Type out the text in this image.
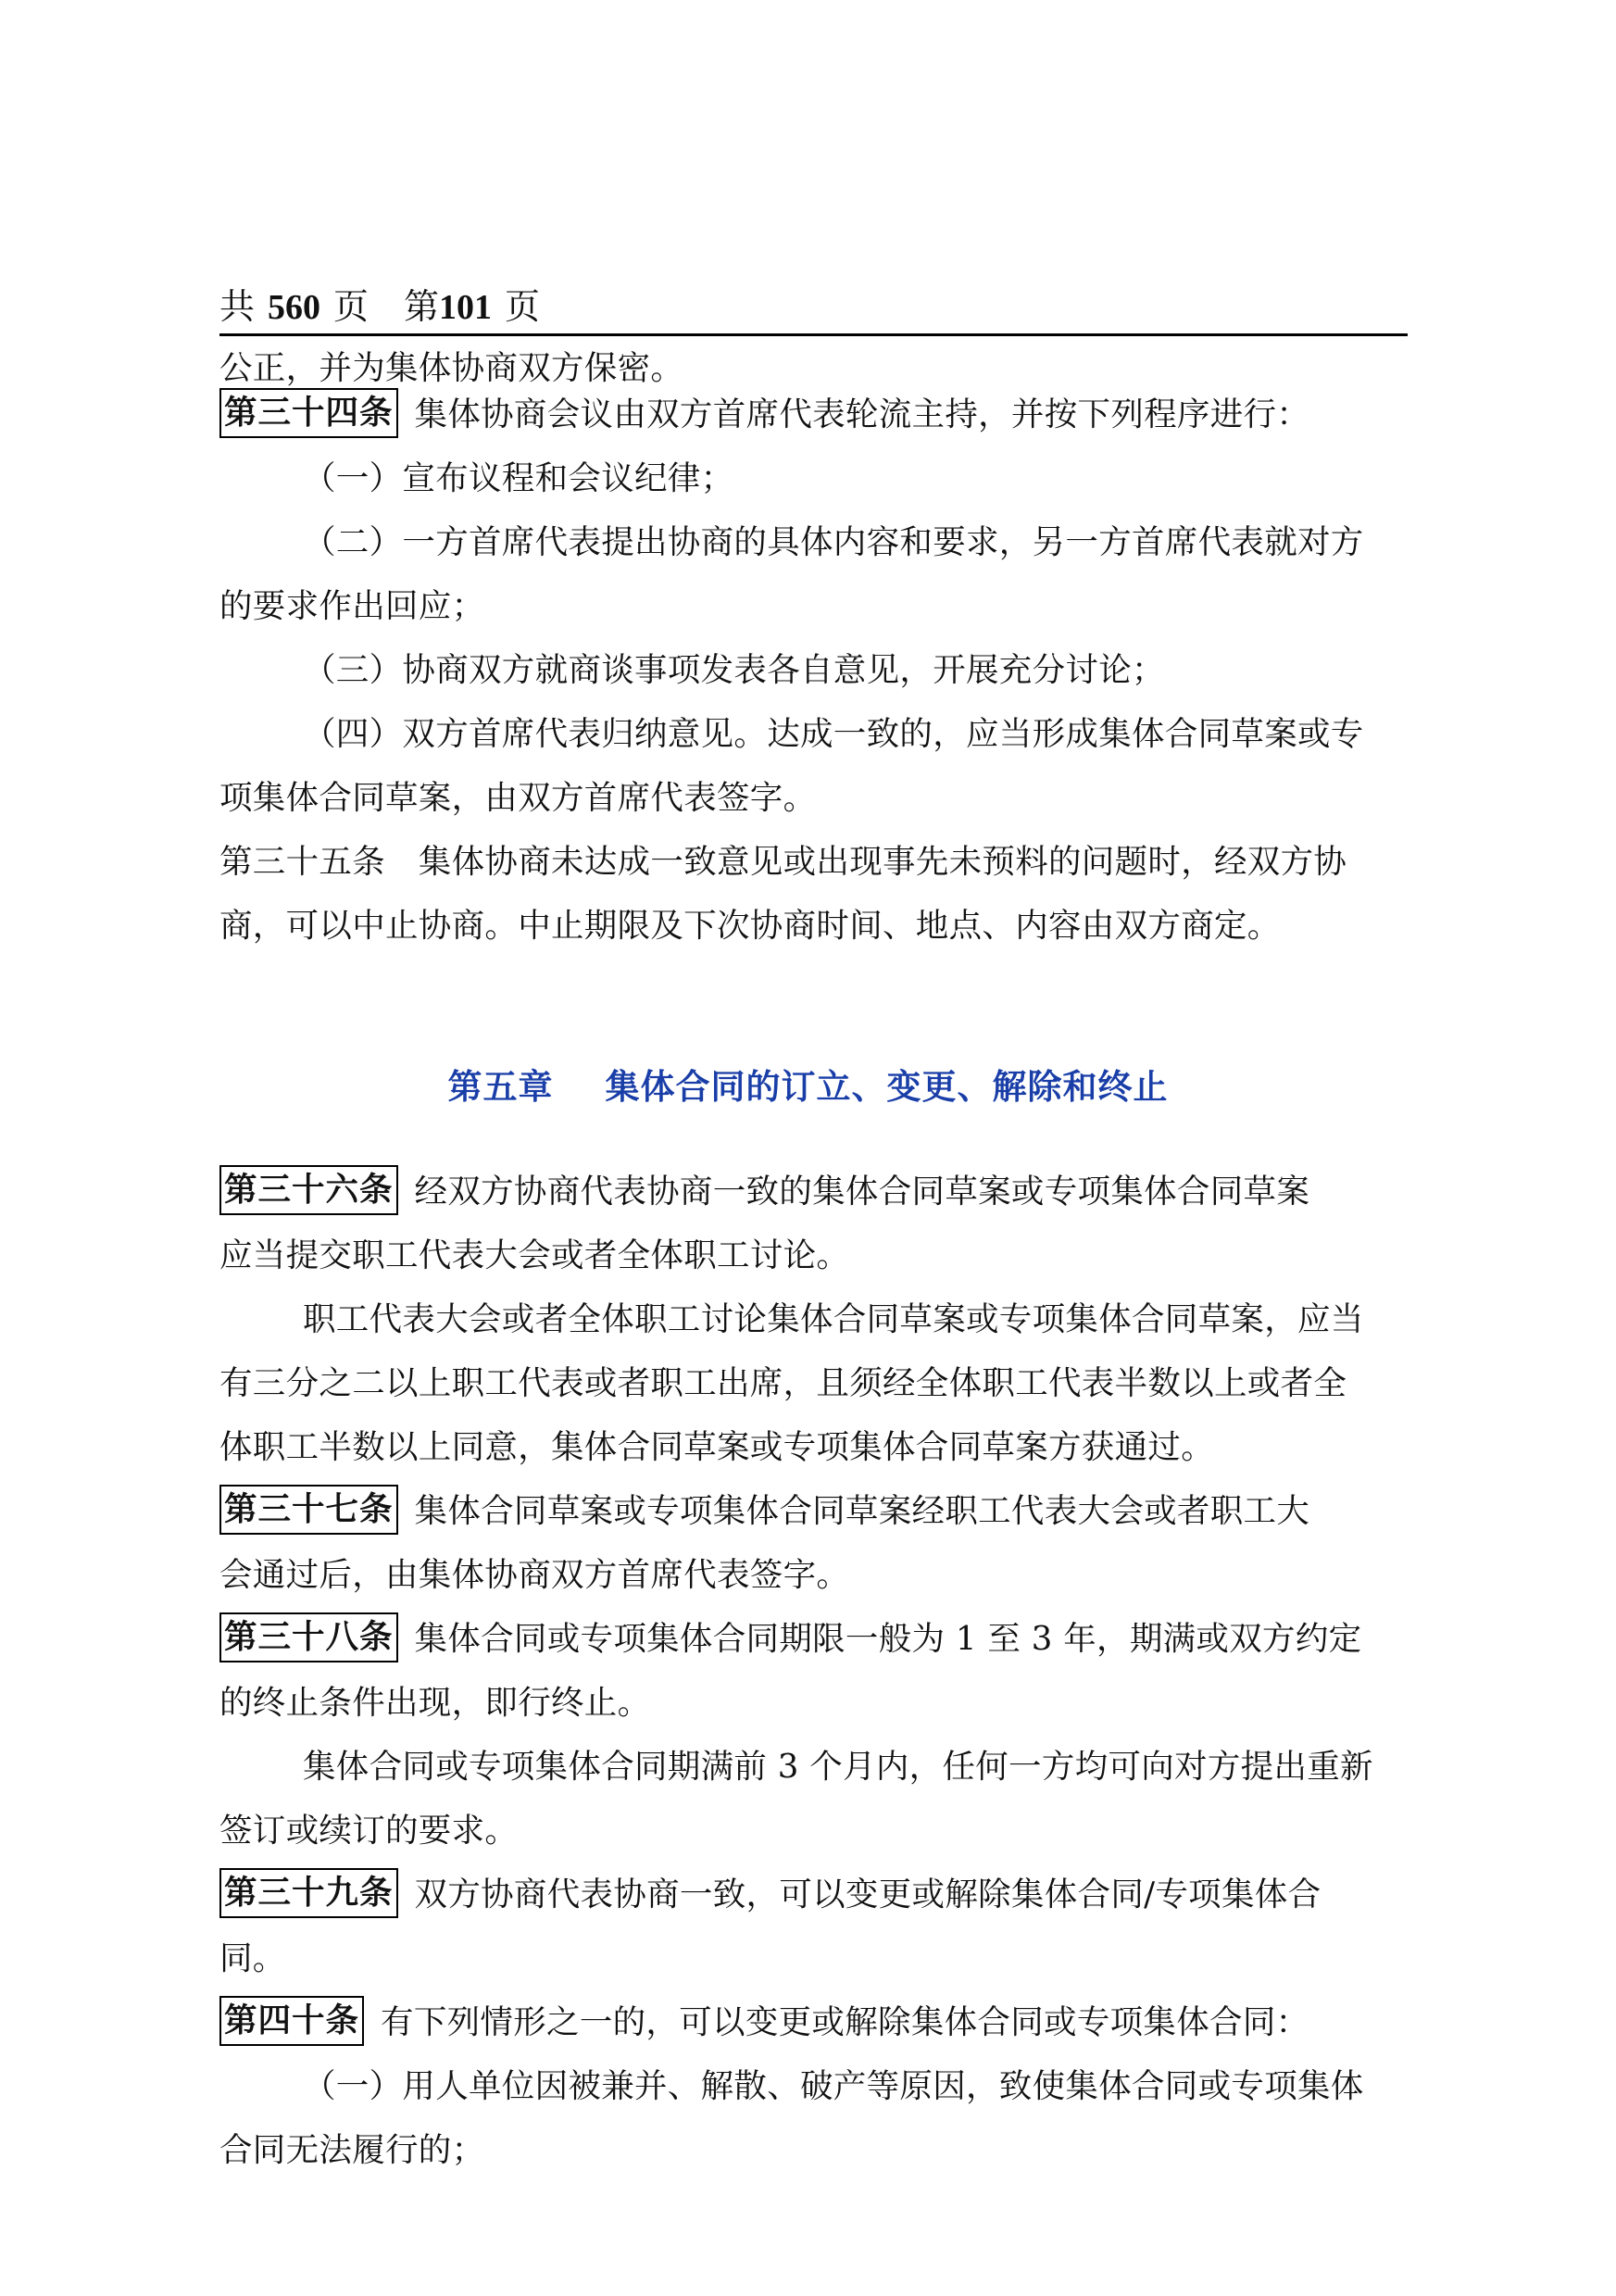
共 560 页 第101 页
公正，并为集体协商双方保密。
第三十四条 集体协商会议由双方首席代表轮流主持，并按下列程序进行：
（一）宣布议程和会议纪律；
（二）一方首席代表提出协商的具体内容和要求，另一方首席代表就对方
的要求作出回应；
（三）协商双方就商谈事项发表各自意见，开展充分讨论；
（四）双方首席代表归纳意见。达成一致的，应当形成集体合同草案或专
项集体合同草案，由双方首席代表签字。
第三十五条　集体协商未达成一致意见或出现事先未预料的问题时，经双方协
商，可以中止协商。中止期限及下次协商时间、地点、内容由双方商定。
第五章 集体合同的订立、变更、解除和终止
第三十六条 经双方协商代表协商一致的集体合同草案或专项集体合同草案
应当提交职工代表大会或者全体职工讨论。
职工代表大会或者全体职工讨论集体合同草案或专项集体合同草案，应当
有三分之二以上职工代表或者职工出席，且须经全体职工代表半数以上或者全
体职工半数以上同意，集体合同草案或专项集体合同草案方获通过。
第三十七条 集体合同草案或专项集体合同草案经职工代表大会或者职工大
会通过后，由集体协商双方首席代表签字。
第三十八条 集体合同或专项集体合同期限一般为 1 至 3 年，期满或双方约定
的终止条件出现，即行终止。
集体合同或专项集体合同期满前 3 个月内，任何一方均可向对方提出重新
签订或续订的要求。
第三十九条 双方协商代表协商一致，可以变更或解除集体合同/专项集体合
同。
第四十条 有下列情形之一的，可以变更或解除集体合同或专项集体合同：
（一）用人单位因被兼并、解散、破产等原因，致使集体合同或专项集体
合同无法履行的；
